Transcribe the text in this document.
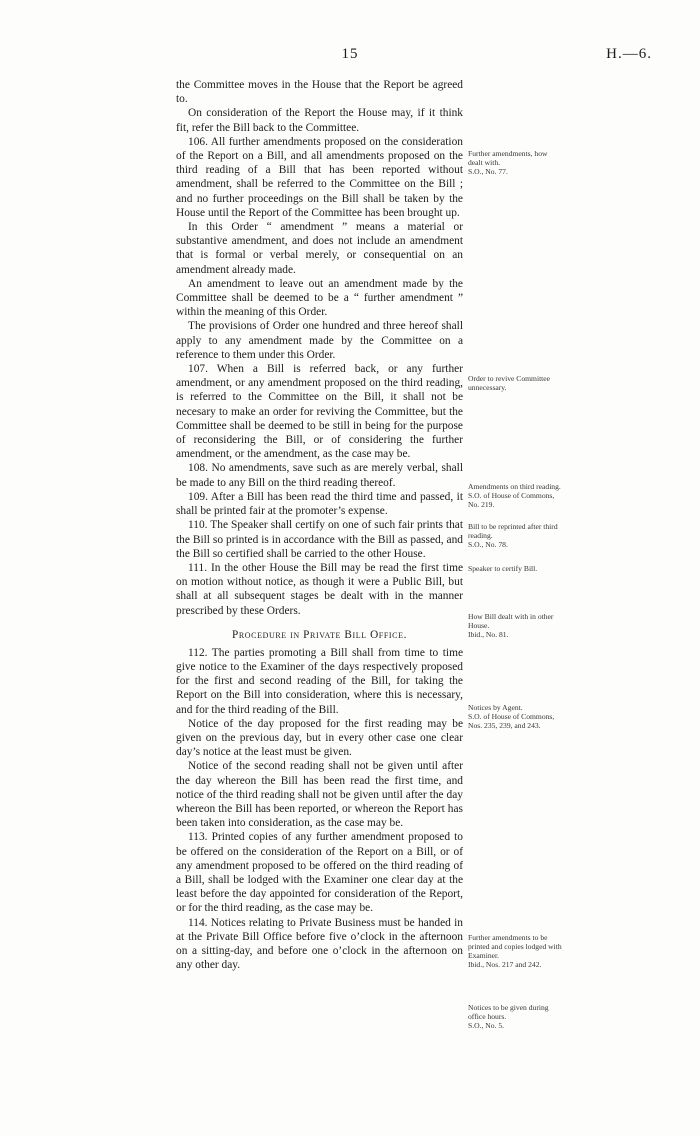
15	H.—6.

the Committee moves in the House that the Report be agreed to.

On consideration of the Report the House may, if it think fit, refer the Bill back to the Committee.

106. All further amendments proposed on the consideration of the Report on a Bill, and all amendments proposed on the third reading of a Bill that has been reported without amendment, shall be referred to the Committee on the Bill ; and no further proceedings on the Bill shall be taken by the House until the Report of the Committee has been brought up.

In this Order “ amendment ” means a material or substantive amendment, and does not include an amendment that is formal or verbal merely, or consequential on an amendment already made.

An amendment to leave out an amendment made by the Committee shall be deemed to be a “ further amendment ” within the meaning of this Order.

The provisions of Order one hundred and three hereof shall apply to any amendment made by the Committee on a reference to them under this Order.

107. When a Bill is referred back, or any further amendment, or any amendment proposed on the third reading, is referred to the Committee on the Bill, it shall not be necesary to make an order for reviving the Committee, but the Committee shall be deemed to be still in being for the purpose of reconsidering the Bill, or of considering the further amendment, or the amendment, as the case may be.

108. No amendments, save such as are merely verbal, shall be made to any Bill on the third reading thereof.

109. After a Bill has been read the third time and passed, it shall be printed fair at the promoter’s expense.

110. The Speaker shall certify on one of such fair prints that the Bill so printed is in accordance with the Bill as passed, and the Bill so certified shall be carried to the other House.

111. In the other House the Bill may be read the first time on motion without notice, as though it were a Public Bill, but shall at all subsequent stages be dealt with in the manner prescribed by these Orders.

Procedure in Private Bill Office.

112. The parties promoting a Bill shall from time to time give notice to the Examiner of the days respectively proposed for the first and second reading of the Bill, for taking the Report on the Bill into consideration, where this is necessary, and for the third reading of the Bill.

Notice of the day proposed for the first reading may be given on the previous day, but in every other case one clear day’s notice at the least must be given.

Notice of the second reading shall not be given until after the day whereon the Bill has been read the first time, and notice of the third reading shall not be given until after the day whereon the Bill has been reported, or whereon the Report has been taken into consideration, as the case may be.

113. Printed copies of any further amendment proposed to be offered on the consideration of the Report on a Bill, or of any amendment proposed to be offered on the third reading of a Bill, shall be lodged with the Examiner one clear day at the least before the day appointed for consideration of the Report, or for the third reading, as the case may be.

114. Notices relating to Private Business must be handed in at the Private Bill Office before five o’clock in the afternoon on a sitting-day, and before one o’clock in the afternoon on any other day.

Further amendments, how dealt with.
S.O., No. 77.
Order to revive Committee unnecessary.
Amendments on third reading.
S.O. of House of Commons, No. 219.
Bill to be reprinted after third reading.
S.O., No. 78.
Speaker to certify Bill.
How Bill dealt with in other House.
Ibid., No. 81.
Notices by Agent.
S.O. of House of Commons, Nos. 235, 239, and 243.
Further amendments to be printed and copies lodged with Examiner.
Ibid., Nos. 217 and 242.
Notices to be given during office hours.
S.O., No. 5.
